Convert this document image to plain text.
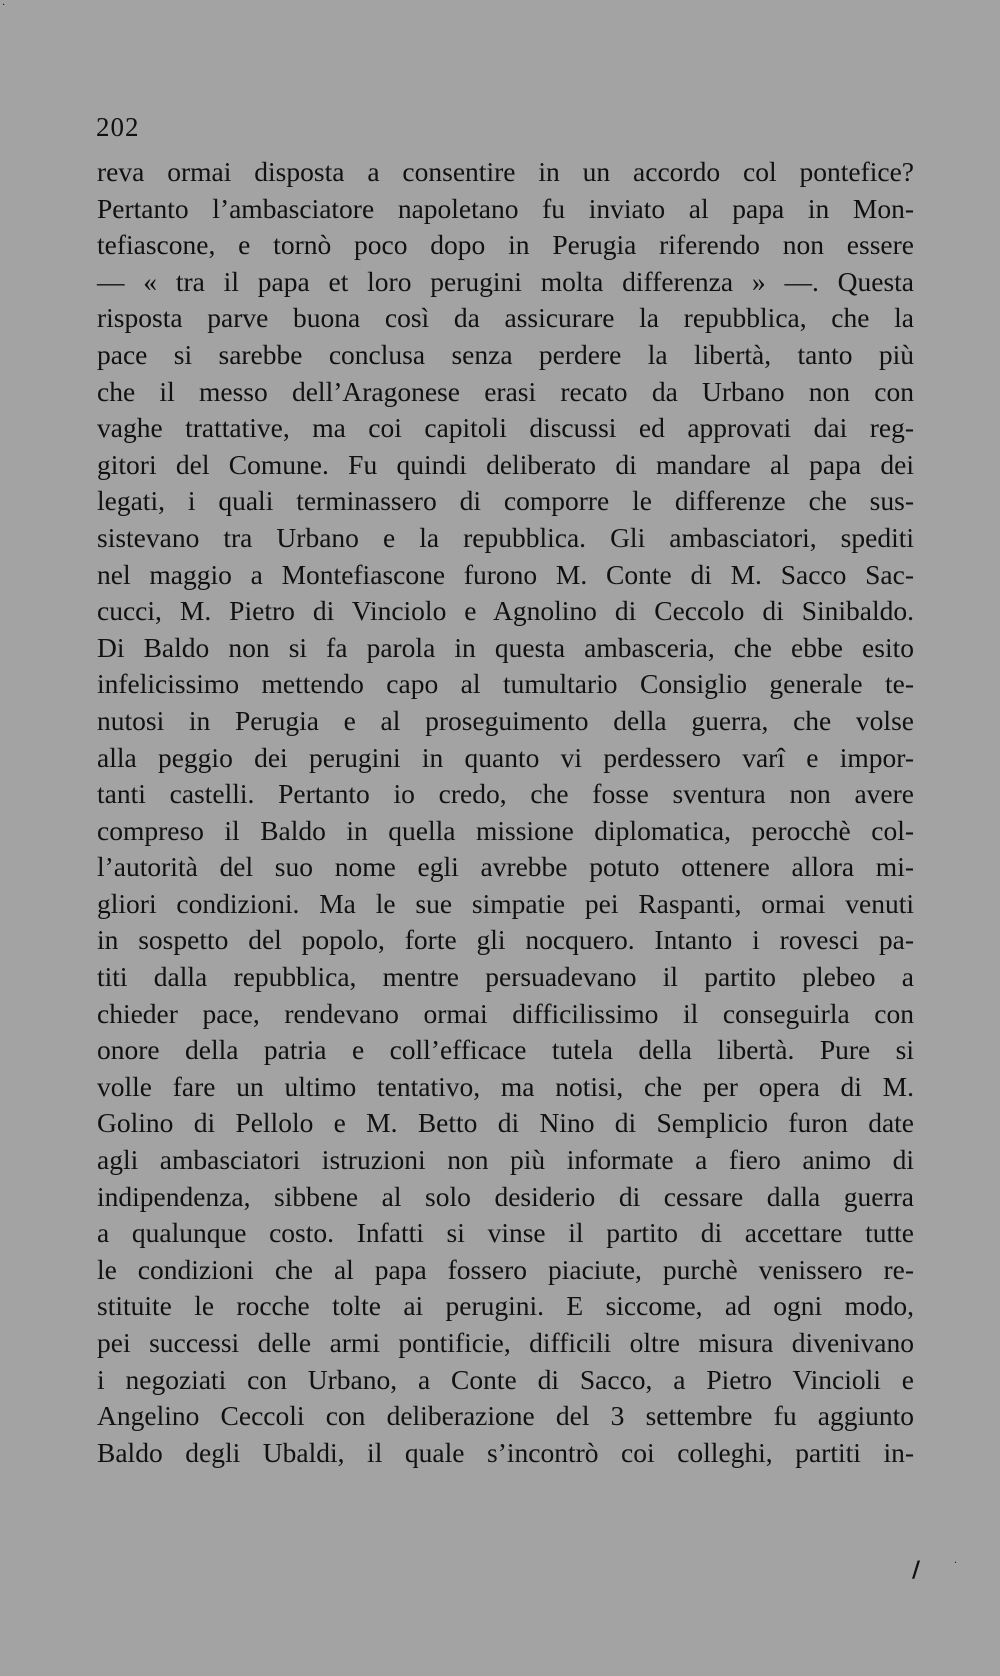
202
reva ormai disposta a consentire in un accordo col pontefice?
Pertanto l’ambasciatore napoletano fu inviato al papa in Mon-
tefiascone, e tornò poco dopo in Perugia riferendo non essere
— « tra il papa et loro perugini molta differenza » —. Questa
risposta parve buona così da assicurare la repubblica, che la
pace si sarebbe conclusa senza perdere la libertà, tanto più
che il messo dell’Aragonese erasi recato da Urbano non con
vaghe trattative, ma coi capitoli discussi ed approvati dai reg-
gitori del Comune. Fu quindi deliberato di mandare al papa dei
legati, i quali terminassero di comporre le differenze che sus-
sistevano tra Urbano e la repubblica. Gli ambasciatori, spediti
nel maggio a Montefiascone furono M. Conte di M. Sacco Sac-
cucci, M. Pietro di Vinciolo e Agnolino di Ceccolo di Sinibaldo.
Di Baldo non si fa parola in questa ambasceria, che ebbe esito
infelicissimo mettendo capo al tumultario Consiglio generale te-
nutosi in Perugia e al proseguimento della guerra, che volse
alla peggio dei perugini in quanto vi perdessero varî e impor-
tanti castelli. Pertanto io credo, che fosse sventura non avere
compreso il Baldo in quella missione diplomatica, perocchè col-
l’autorità del suo nome egli avrebbe potuto ottenere allora mi-
gliori condizioni. Ma le sue simpatie pei Raspanti, ormai venuti
in sospetto del popolo, forte gli nocquero. Intanto i rovesci pa-
titi dalla repubblica, mentre persuadevano il partito plebeo a
chieder pace, rendevano ormai difficilissimo il conseguirla con
onore della patria e coll’efficace tutela della libertà. Pure si
volle fare un ultimo tentativo, ma notisi, che per opera di M.
Golino di Pellolo e M. Betto di Nino di Semplicio furon date
agli ambasciatori istruzioni non più informate a fiero animo di
indipendenza, sibbene al solo desiderio di cessare dalla guerra
a qualunque costo. Infatti si vinse il partito di accettare tutte
le condizioni che al papa fossero piaciute, purchè venissero re-
stituite le rocche tolte ai perugini. E siccome, ad ogni modo,
pei successi delle armi pontificie, difficili oltre misura divenivano
i negoziati con Urbano, a Conte di Sacco, a Pietro Vincioli e
Angelino Ceccoli con deliberazione del 3 settembre fu aggiunto
Baldo degli Ubaldi, il quale s’incontrò coi colleghi, partiti in-
/	·
·
